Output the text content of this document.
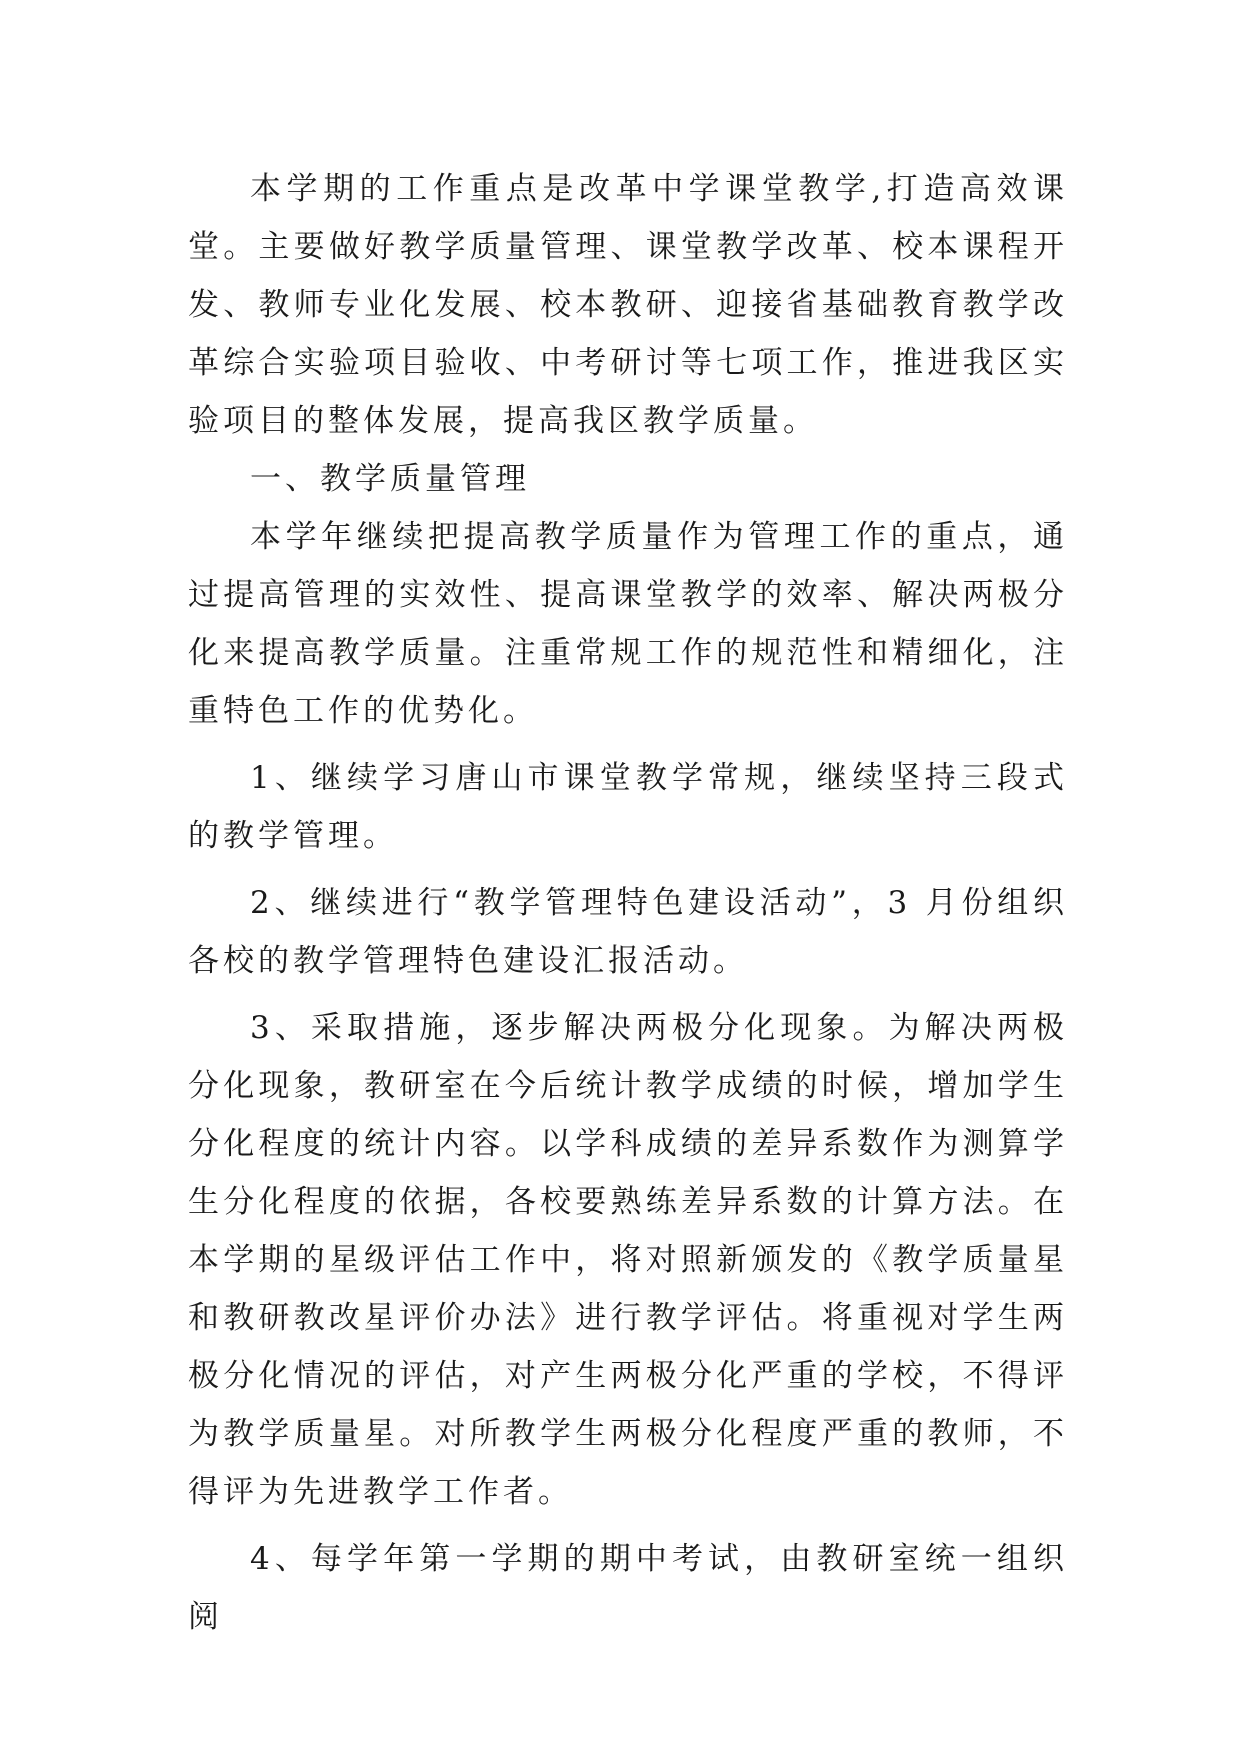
本学期的工作重点是改革中学课堂教学,打造高效课堂。主要做好教学质量管理、课堂教学改革、校本课程开发、教师专业化发展、校本教研、迎接省基础教育教学改革综合实验项目验收、中考研讨等七项工作，推进我区实验项目的整体发展，提高我区教学质量。

一、教学质量管理

本学年继续把提高教学质量作为管理工作的重点，通过提高管理的实效性、提高课堂教学的效率、解决两极分化来提高教学质量。注重常规工作的规范性和精细化，注重特色工作的优势化。

1、继续学习唐山市课堂教学常规，继续坚持三段式的教学管理。

2、继续进行“教学管理特色建设活动”，3 月份组织各校的教学管理特色建设汇报活动。

3、采取措施，逐步解决两极分化现象。为解决两极分化现象，教研室在今后统计教学成绩的时候，增加学生分化程度的统计内容。以学科成绩的差异系数作为测算学生分化程度的依据，各校要熟练差异系数的计算方法。在本学期的星级评估工作中，将对照新颁发的《教学质量星和教研教改星评价办法》进行教学评估。将重视对学生两极分化情况的评估，对产生两极分化严重的学校，不得评为教学质量星。对所教学生两极分化程度严重的教师，不得评为先进教学工作者。

4、每学年第一学期的期中考试，由教研室统一组织阅
